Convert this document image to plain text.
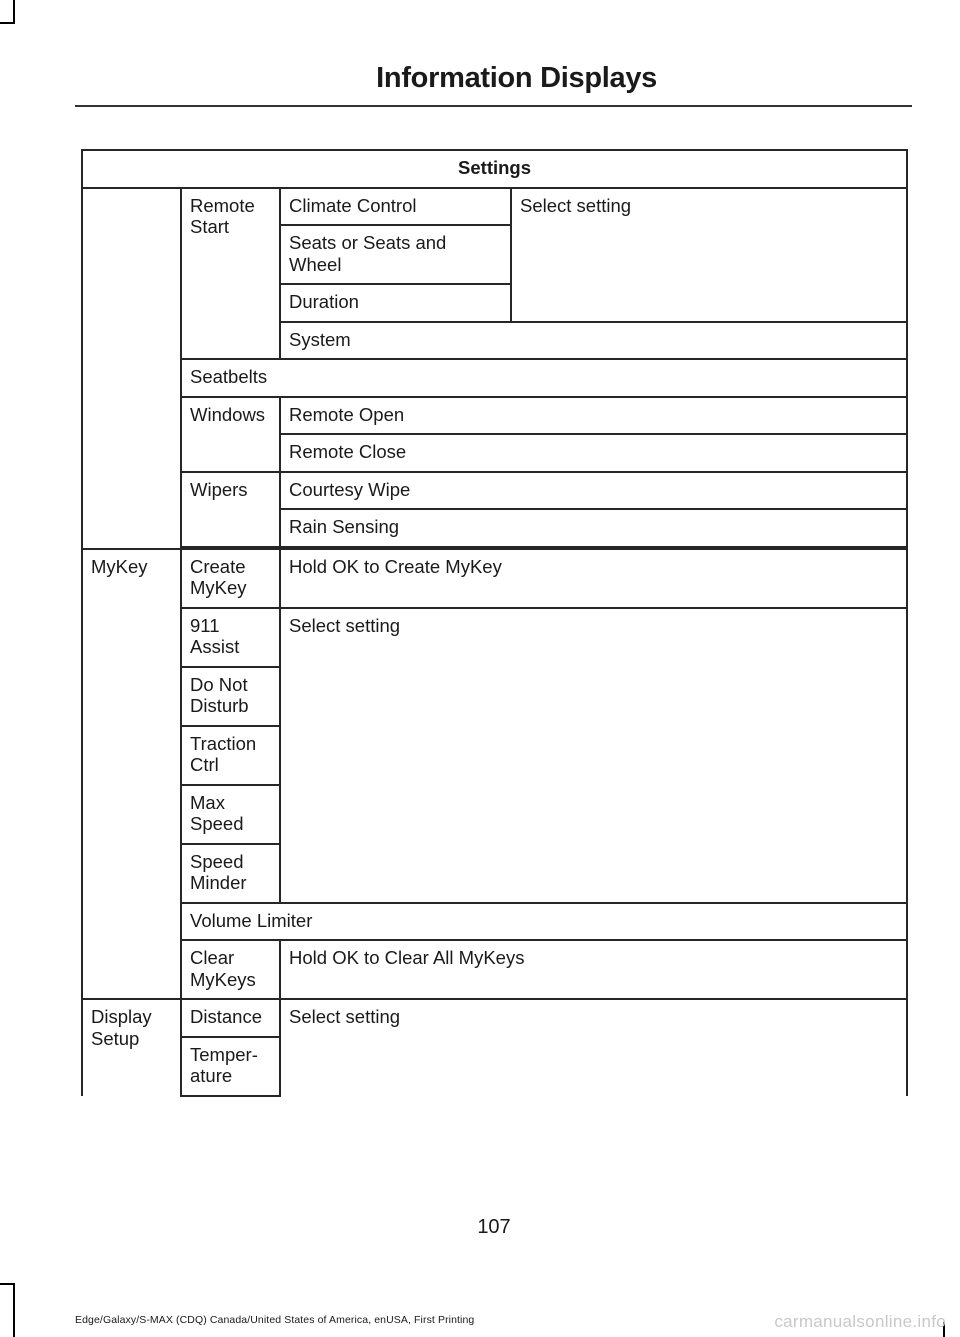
Information Displays
Settings			
	Remote Start	Climate Control	Select setting
		Seats or Seats and Wheel	
		Duration	
		System	
	Seatbelts		
	Windows	Remote Open	
		Remote Close	
	Wipers	Courtesy Wipe	
		Rain Sensing	

MyKey	Create MyKey	Hold OK to Create MyKey	
	911 Assist	Select setting	
	Do Not Disturb		
	Traction Ctrl		
	Max Speed		
	Speed Minder		
	Volume Limiter		
	Clear MyKeys	Hold OK to Clear All MyKeys	
Display Setup	Distance	Select setting	
	Temper-ature		
107
Edge/Galaxy/S-MAX (CDQ) Canada/United States of America, enUSA, First Printing	carmanualsonline.info
